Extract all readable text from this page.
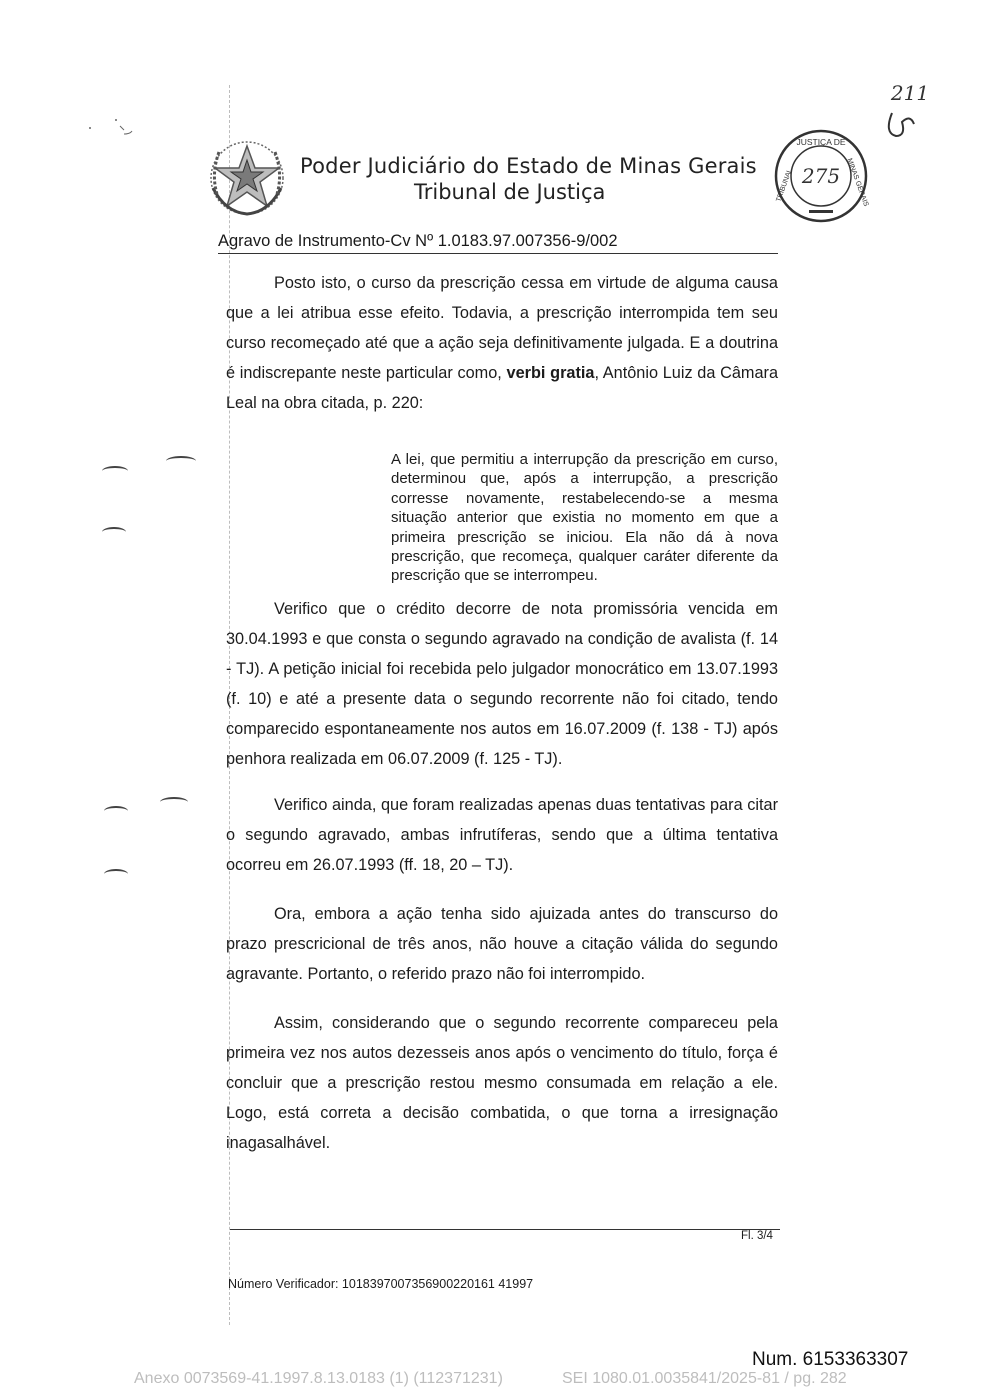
Poder Judiciário do Estado de Minas Gerais
Tribunal de Justiça
JUSTIÇA DE
MINAS GERAIS
TRIBUNAL 275
211
Agravo de Instrumento-Cv Nº 1.0183.97.007356-9/002
Posto isto, o curso da prescrição cessa em virtude de alguma causa que a lei atribua esse efeito. Todavia, a prescrição interrompida tem seu curso recomeçado até que a ação seja definitivamente julgada. E a doutrina é indiscrepante neste particular como, verbi gratia, Antônio Luiz da Câmara Leal na obra citada, p. 220:
A lei, que permitiu a interrupção da prescrição em curso, determinou que, após a interrupção, a prescrição corresse novamente, restabelecendo-se a mesma situação anterior que existia no momento em que a primeira prescrição se iniciou. Ela não dá à nova prescrição, que recomeça, qualquer caráter diferente da prescrição que se interrompeu.
Verifico que o crédito decorre de nota promissória vencida em 30.04.1993 e que consta o segundo agravado na condição de avalista (f. 14 - TJ). A petição inicial foi recebida pelo julgador monocrático em 13.07.1993 (f. 10) e até a presente data o segundo recorrente não foi citado, tendo comparecido espontaneamente nos autos em 16.07.2009 (f. 138 - TJ) após penhora realizada em 06.07.2009 (f. 125 - TJ).
Verifico ainda, que foram realizadas apenas duas tentativas para citar o segundo agravado, ambas infrutíferas, sendo que a última tentativa ocorreu em 26.07.1993 (ff. 18, 20 – TJ).
Ora, embora a ação tenha sido ajuizada antes do transcurso do prazo prescricional de três anos, não houve a citação válida do segundo agravante. Portanto, o referido prazo não foi interrompido.
Assim, considerando que o segundo recorrente compareceu pela primeira vez nos autos dezesseis anos após o vencimento do título, força é concluir que a prescrição restou mesmo consumada em relação a ele. Logo, está correta a decisão combatida, o que torna a irresignação inagasalhável.
Fl. 3/4
Número Verificador: 1018397007356900220161 41997
Num. 6153363307
Anexo 0073569-41.1997.8.13.0183 (1) (112371231)	SEI 1080.01.0035841/2025-81 / pg. 282
